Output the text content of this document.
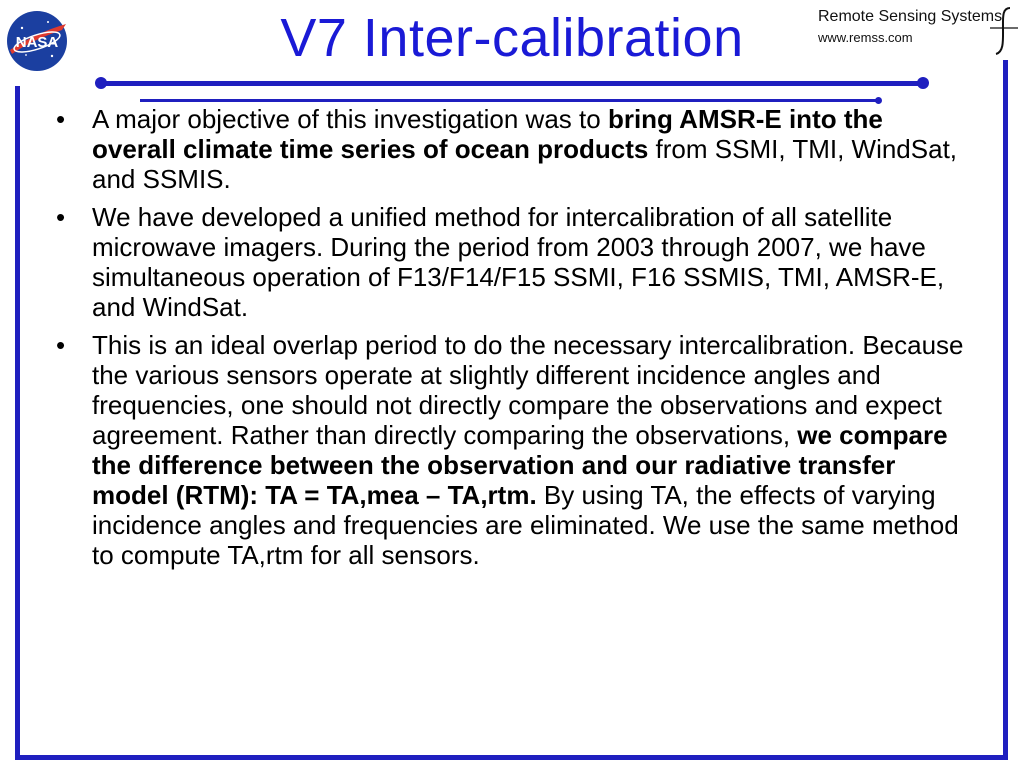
NASA	V7 Inter-calibration	Remote Sensing Systems
www.remss.com
• A major objective of this investigation was to bring AMSR-E into the overall climate time series of ocean products from SSMI, TMI, WindSat, and SSMIS.
• We have developed a unified method for intercalibration of all satellite microwave imagers. During the period from 2003 through 2007, we have simultaneous operation of F13/F14/F15 SSMI, F16 SSMIS, TMI, AMSR-E, and WindSat.
• This is an ideal overlap period to do the necessary intercalibration. Because the various sensors operate at slightly different incidence angles and frequencies, one should not directly compare the observations and expect agreement. Rather than directly comparing the observations, we compare the difference between the observation and our radiative transfer model (RTM): TA = TA,mea – TA,rtm. By using TA, the effects of varying incidence angles and frequencies are eliminated. We use the same method to compute TA,rtm for all sensors.
